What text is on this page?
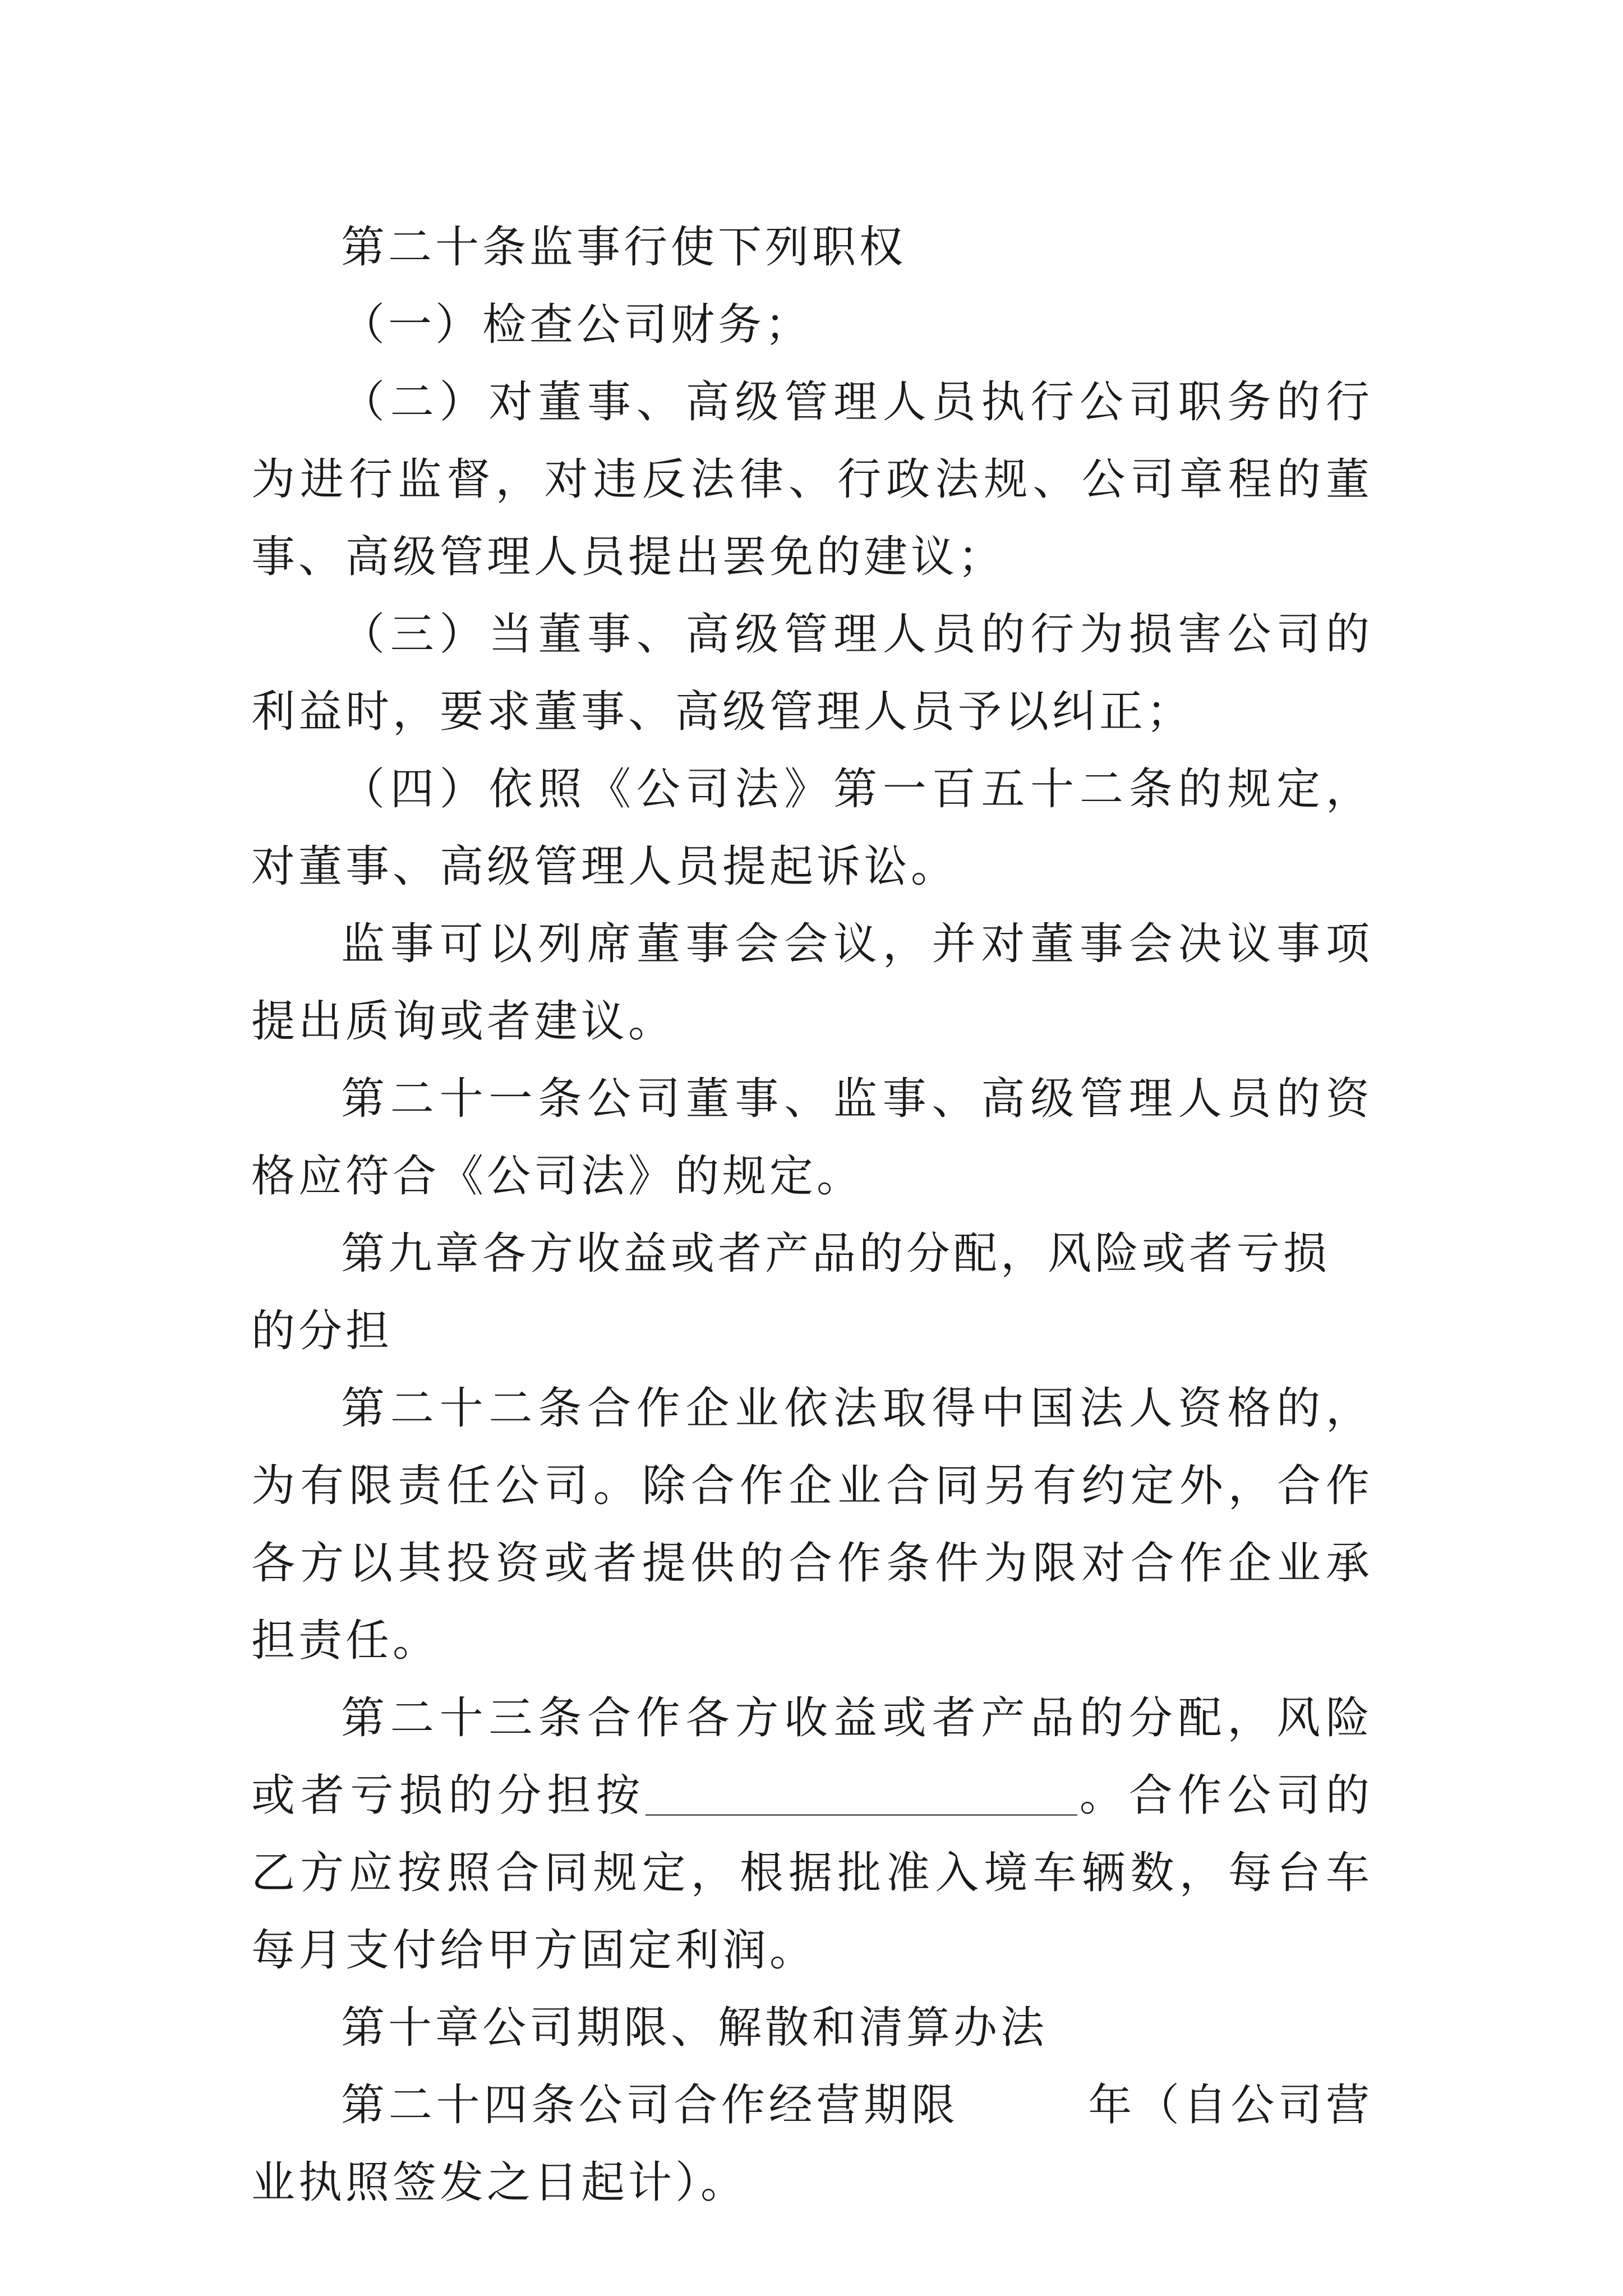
第二十条监事行使下列职权

（一）检查公司财务；

（二）对董事、高级管理人员执行公司职务的行为进行监督，对违反法律、行政法规、公司章程的董事、高级管理人员提出罢免的建议；

（三）当董事、高级管理人员的行为损害公司的利益时，要求董事、高级管理人员予以纠正；

（四）依照《公司法》第一百五十二条的规定，对董事、高级管理人员提起诉讼。

监事可以列席董事会会议，并对董事会决议事项提出质询或者建议。

第二十一条公司董事、监事、高级管理人员的资格应符合《公司法》的规定。

第九章各方收益或者产品的分配，风险或者亏损的分担

第二十二条合作企业依法取得中国法人资格的，为有限责任公司。除合作企业合同另有约定外，合作各方以其投资或者提供的合作条件为限对合作企业承担责任。

第二十三条合作各方收益或者产品的分配，风险或者亏损的分担按	。合作公司的乙方应按照合同规定，根据批准入境车辆数，每台车每月支付给甲方固定利润。

第十章公司期限、解散和清算办法

第二十四条公司合作经营期限	年（自公司营业执照签发之日起计）。
